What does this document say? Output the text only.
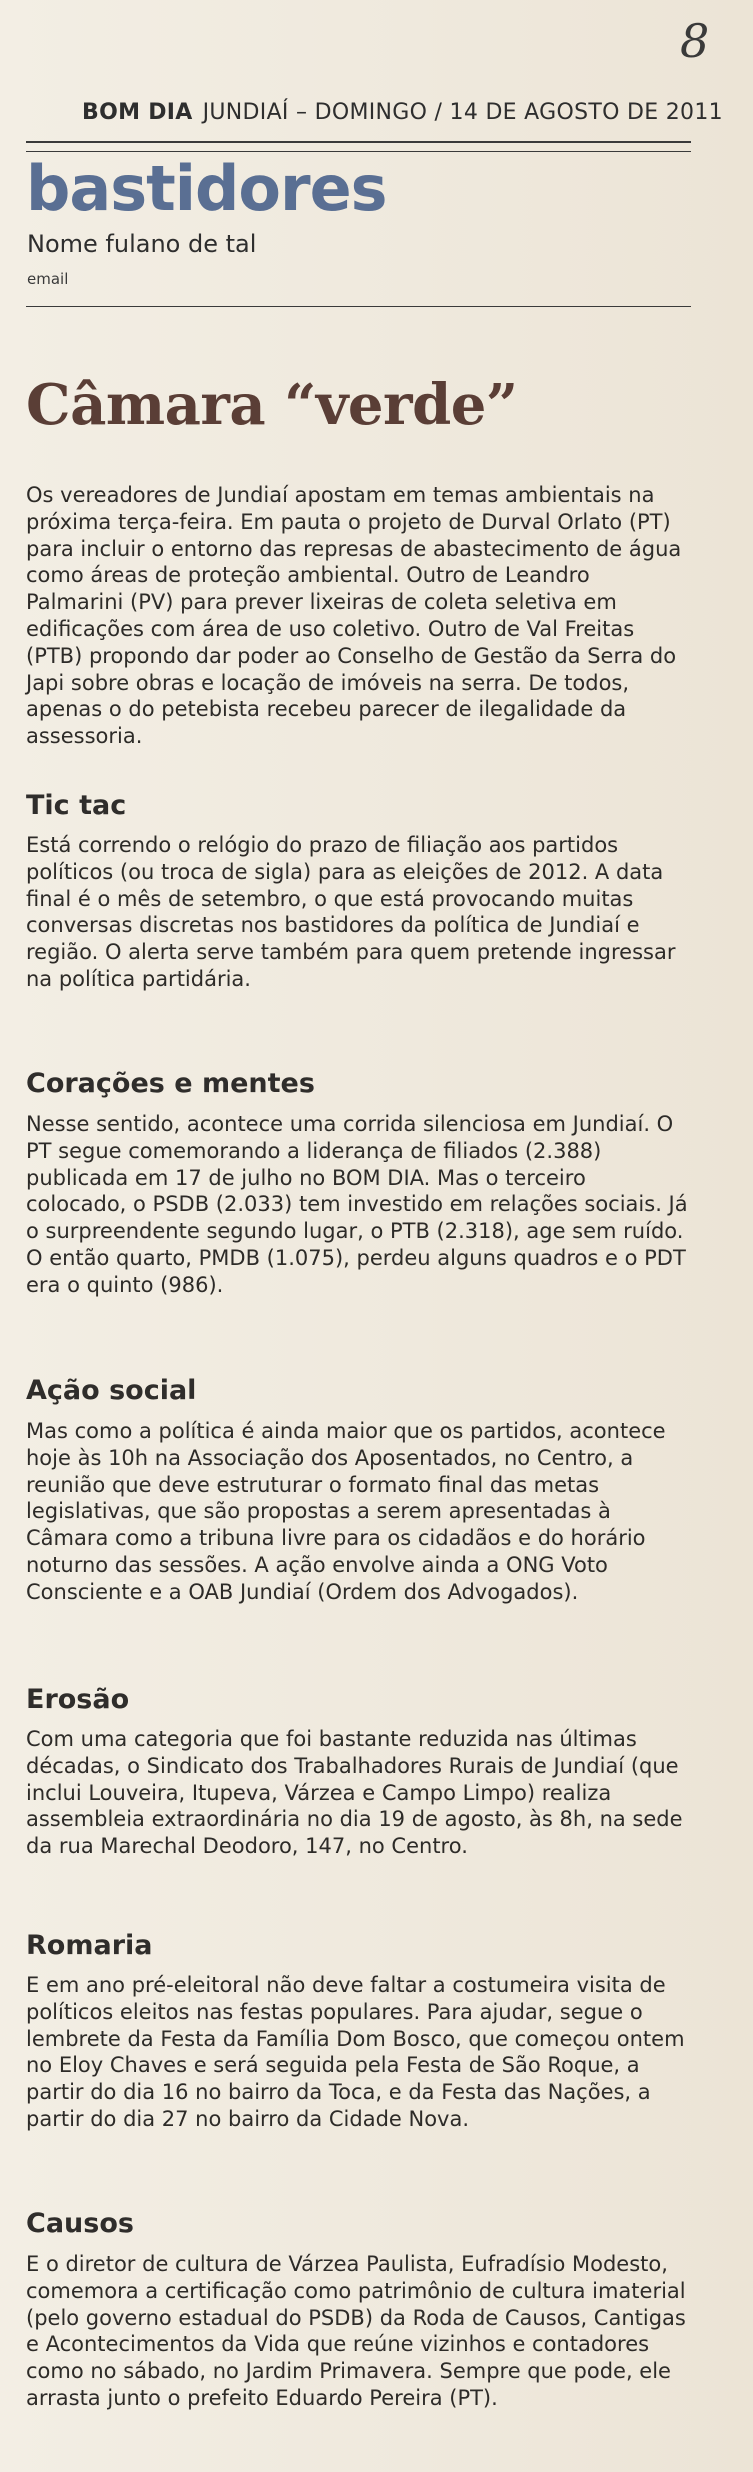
8
BOM DIA JUNDIAÍ – DOMINGO / 14 DE AGOSTO DE 2011
bastidores
Nome fulano de tal
email
Câmara “verde”

Os vereadores de Jundiaí apostam em temas ambientais na próxima terça-feira. Em pauta o projeto de Durval Orlato (PT) para incluir o entorno das represas de abastecimento de água como áreas de proteção ambiental. Outro de Leandro Palmarini (PV) para prever lixeiras de coleta seletiva em edificações com área de uso coletivo. Outro de Val Freitas (PTB) propondo dar poder ao Conselho de Gestão da Serra do Japi sobre obras e locação de imóveis na serra. De todos, apenas o do petebista recebeu parecer de ilegalidade da assessoria.

Tic tac

Está correndo o relógio do prazo de filiação aos partidos políticos (ou troca de sigla) para as eleições de 2012. A data final é o mês de setembro, o que está provocando muitas conversas discretas nos bastidores da política de Jundiaí e região. O alerta serve também para quem pretende ingressar na política partidária.

Corações e mentes

Nesse sentido, acontece uma corrida silenciosa em Jundiaí. O PT segue comemorando a liderança de filiados (2.388) publicada em 17 de julho no BOM DIA. Mas o terceiro colocado, o PSDB (2.033) tem investido em relações sociais. Já o surpreendente segundo lugar, o PTB (2.318), age sem ruído. O então quarto, PMDB (1.075), perdeu alguns quadros e o PDT era o quinto (986).

Ação social

Mas como a política é ainda maior que os partidos, acontece hoje às 10h na Associação dos Aposentados, no Centro, a reunião que deve estruturar o formato final das metas legislativas, que são propostas a serem apresentadas à Câmara como a tribuna livre para os cidadãos e do horário noturno das sessões. A ação envolve ainda a ONG Voto Consciente e a OAB Jundiaí (Ordem dos Advogados).

Erosão

Com uma categoria que foi bastante reduzida nas últimas décadas, o Sindicato dos Trabalhadores Rurais de Jundiaí (que inclui Louveira, Itupeva, Várzea e Campo Limpo) realiza assembleia extraordinária no dia 19 de agosto, às 8h, na sede da rua Marechal Deodoro, 147, no Centro.

Romaria

E em ano pré-eleitoral não deve faltar a costumeira visita de políticos eleitos nas festas populares. Para ajudar, segue o lembrete da Festa da Família Dom Bosco, que começou ontem no Eloy Chaves e será seguida pela Festa de São Roque, a partir do dia 16 no bairro da Toca, e da Festa das Nações, a partir do dia 27 no bairro da Cidade Nova.

Causos

E o diretor de cultura de Várzea Paulista, Eufradísio Modesto, comemora a certificação como patrimônio de cultura imaterial (pelo governo estadual do PSDB) da Roda de Causos, Cantigas e Acontecimentos da Vida que reúne vizinhos e contadores como no sábado, no Jardim Primavera. Sempre que pode, ele arrasta junto o prefeito Eduardo Pereira (PT).
